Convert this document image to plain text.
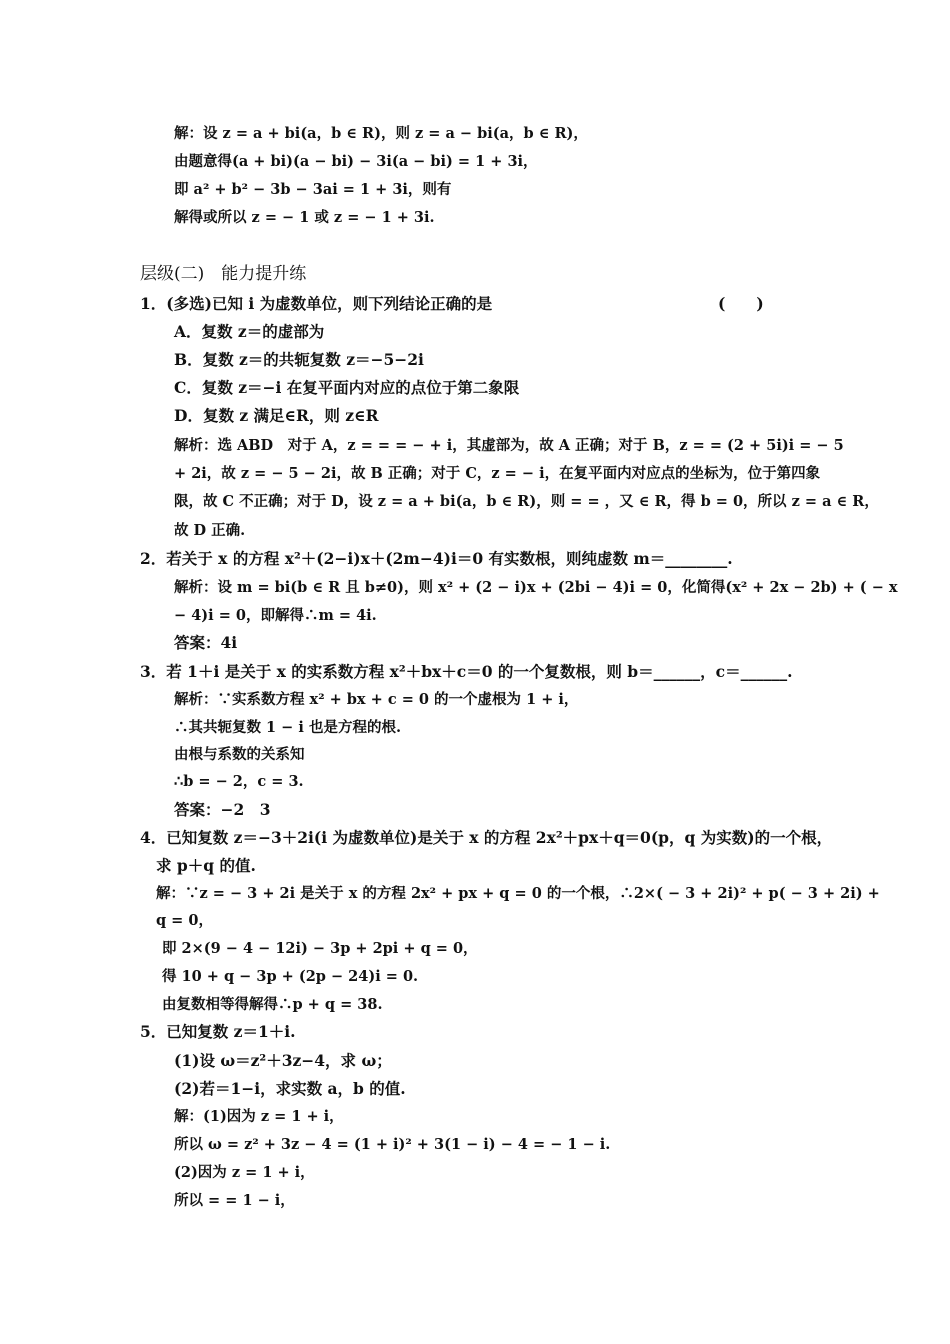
解：设 z = a + bi(a，b ∈ R)，则 z = a − bi(a，b ∈ R)，
由题意得(a + bi)(a − bi) − 3i(a − bi) = 1 + 3i，
即 a² + b² − 3b − 3ai = 1 + 3i，则有
解得或所以 z = − 1 或 z = − 1 + 3i.
层级(二)　能力提升练
1．(多选)已知 i 为虚数单位，则下列结论正确的是	(　　)
A．复数 z＝的虚部为
B．复数 z＝的共轭复数 z＝−5−2i
C．复数 z＝−i 在复平面内对应的点位于第二象限
D．复数 z 满足∈R，则 z∈R
解析：选 ABD　对于 A，z = = = − + i，其虚部为，故 A 正确；对于 B，z = = (2 + 5i)i = − 5
+ 2i，故 z = − 5 − 2i，故 B 正确；对于 C，z = − i，在复平面内对应点的坐标为，位于第四象
限，故 C 不正确；对于 D，设 z = a + bi(a，b ∈ R)，则 = = ，又 ∈ R，得 b = 0，所以 z = a ∈ R，
故 D 正确.
2．若关于 x 的方程 x²＋(2−i)x＋(2m−4)i＝0 有实数根，则纯虚数 m＝________.
解析：设 m = bi(b ∈ R 且 b≠0)，则 x² + (2 − i)x + (2bi − 4)i = 0，化简得(x² + 2x − 2b) + ( − x
− 4)i = 0，即解得∴m = 4i.
答案：4i
3．若 1＋i 是关于 x 的实系数方程 x²＋bx＋c＝0 的一个复数根，则 b＝______，c＝______.
解析：∵实系数方程 x² + bx + c = 0 的一个虚根为 1 + i，
∴其共轭复数 1 − i 也是方程的根.
由根与系数的关系知
∴b = − 2，c = 3.
答案：−2　3
4．已知复数 z＝−3＋2i(i 为虚数单位)是关于 x 的方程 2x²＋px＋q＝0(p，q 为实数)的一个根，
求 p＋q 的值.
解：∵z = − 3 + 2i 是关于 x 的方程 2x² + px + q = 0 的一个根，∴2×( − 3 + 2i)² + p( − 3 + 2i) +
q = 0，
即 2×(9 − 4 − 12i) − 3p + 2pi + q = 0，
得 10 + q − 3p + (2p − 24)i = 0.
由复数相等得解得∴p + q = 38.
5．已知复数 z＝1＋i.
(1)设 ω＝z²＋3z−4，求 ω；
(2)若＝1−i，求实数 a，b 的值.
解：(1)因为 z = 1 + i，
所以 ω = z² + 3z − 4 = (1 + i)² + 3(1 − i) − 4 = − 1 − i.
(2)因为 z = 1 + i，
所以 = = 1 − i，
